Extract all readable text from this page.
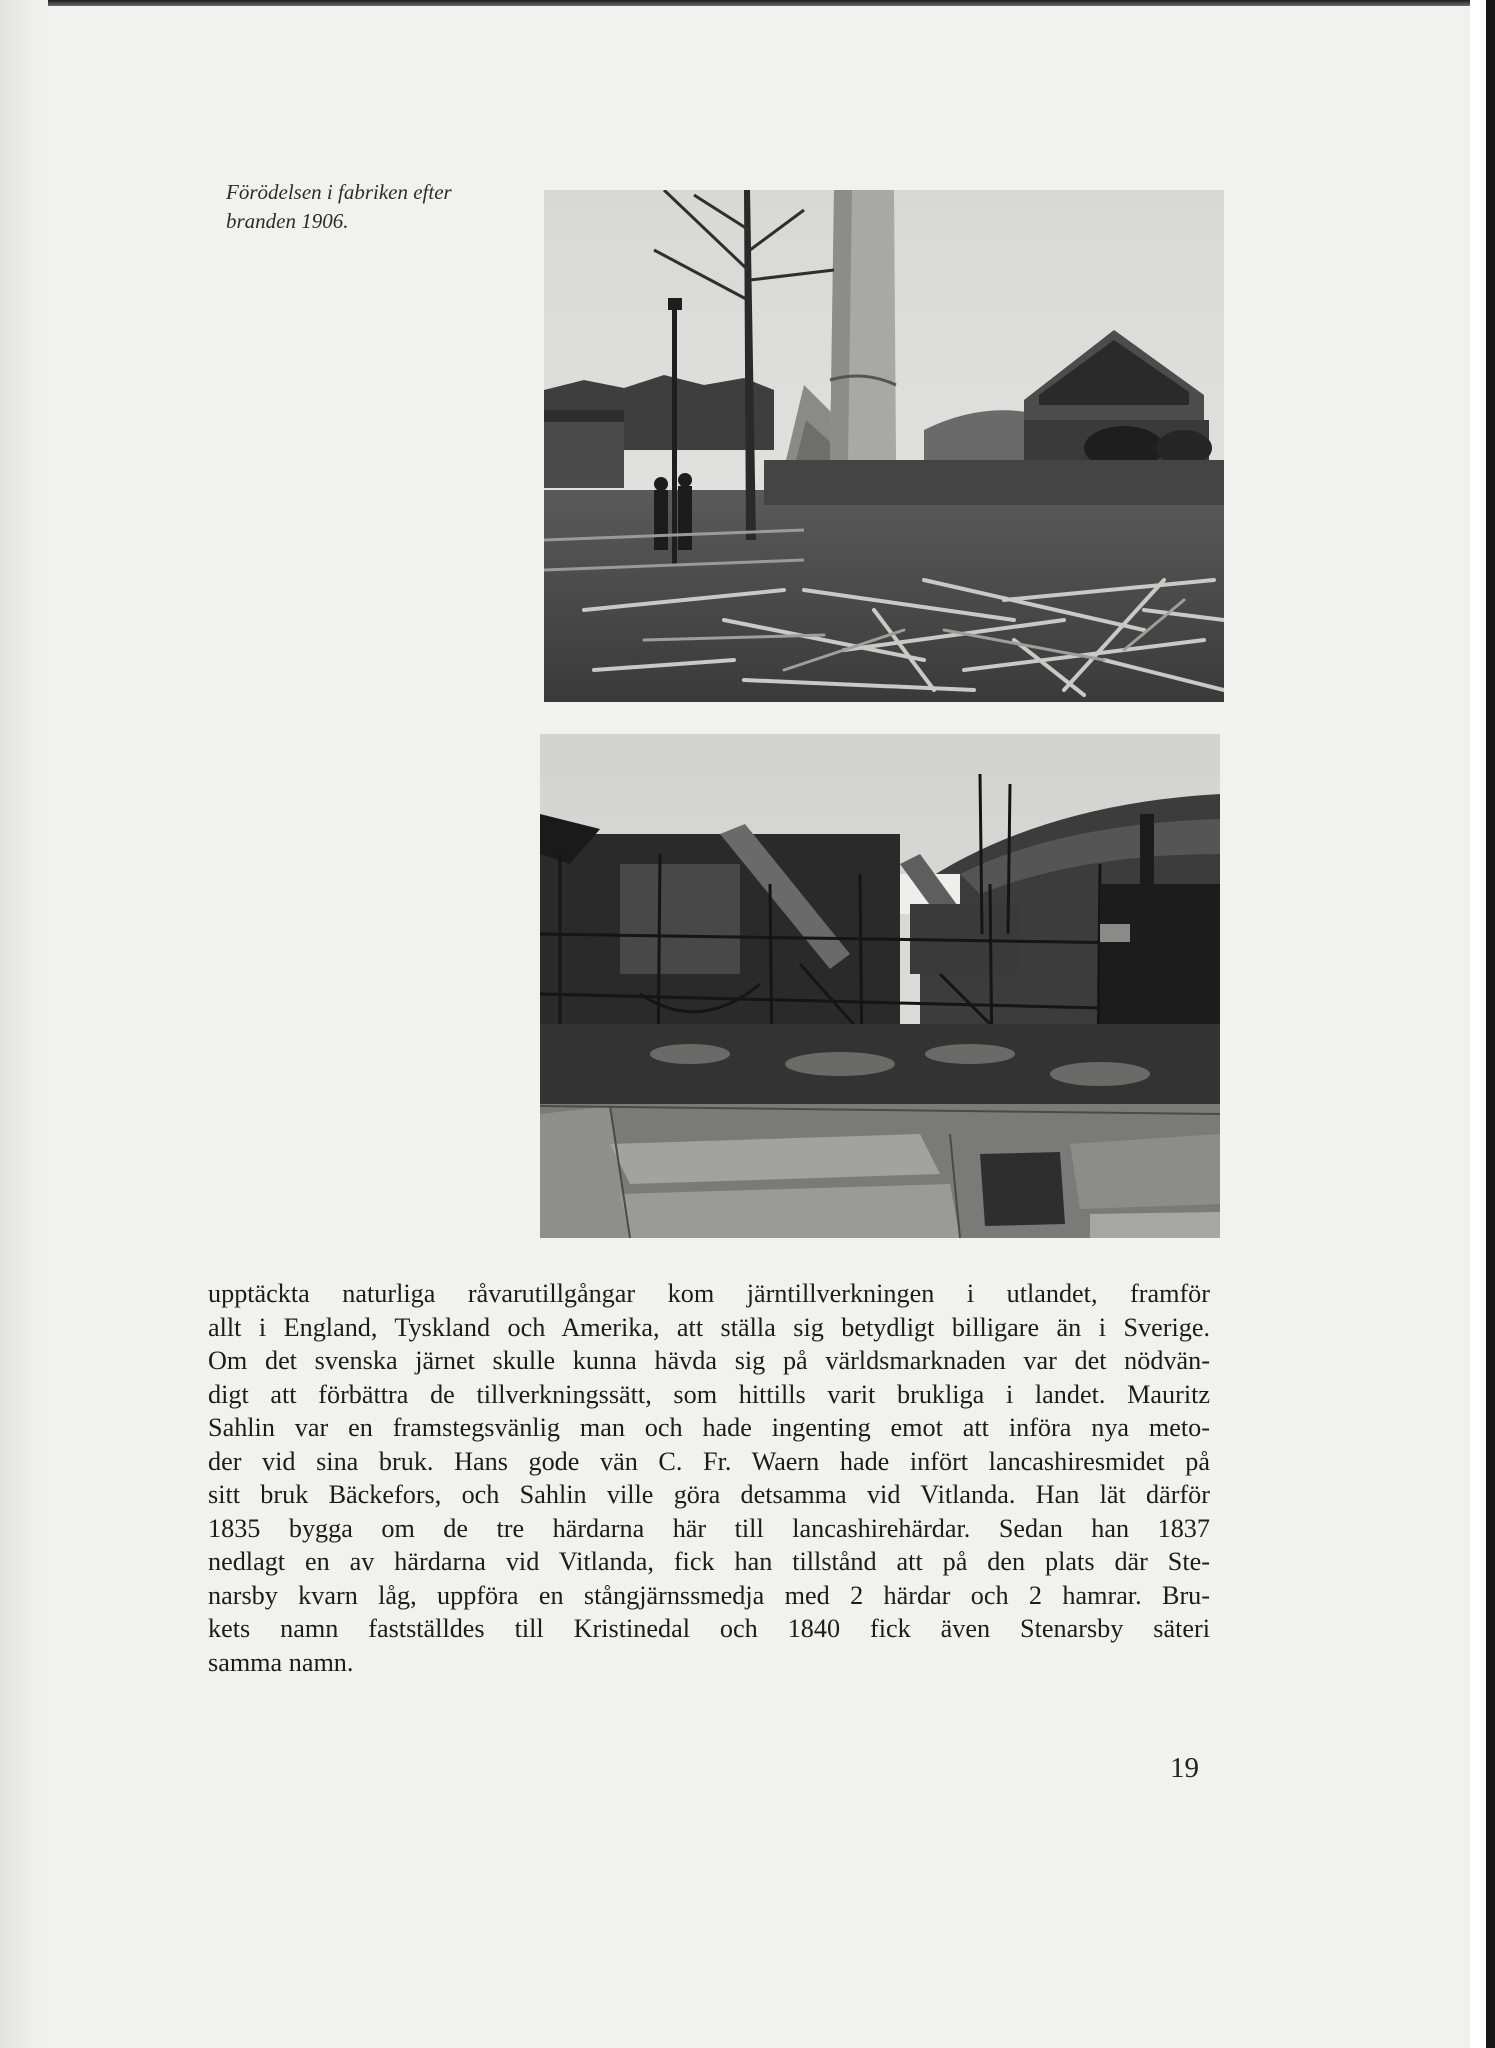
Förödelsen i fabriken efter
branden 1906.
upptäckta naturliga råvarutillgångar kom järntillverkningen i utlandet, framför
allt i England, Tyskland och Amerika, att ställa sig betydligt billigare än i Sverige.
Om det svenska järnet skulle kunna hävda sig på världsmarknaden var det nödvän-
digt att förbättra de tillverkningssätt, som hittills varit brukliga i landet. Mauritz
Sahlin var en framstegsvänlig man och hade ingenting emot att införa nya meto-
der vid sina bruk. Hans gode vän C. Fr. Waern hade infört lancashiresmidet på
sitt bruk Bäckefors, och Sahlin ville göra detsamma vid Vitlanda. Han lät därför
1835 bygga om de tre härdarna här till lancashirehärdar. Sedan han 1837
nedlagt en av härdarna vid Vitlanda, fick han tillstånd att på den plats där Ste-
narsby kvarn låg, uppföra en stångjärnssmedja med 2 härdar och 2 hamrar. Bru-
kets namn fastställdes till Kristinedal och 1840 fick även Stenarsby säteri
samma namn.
19
